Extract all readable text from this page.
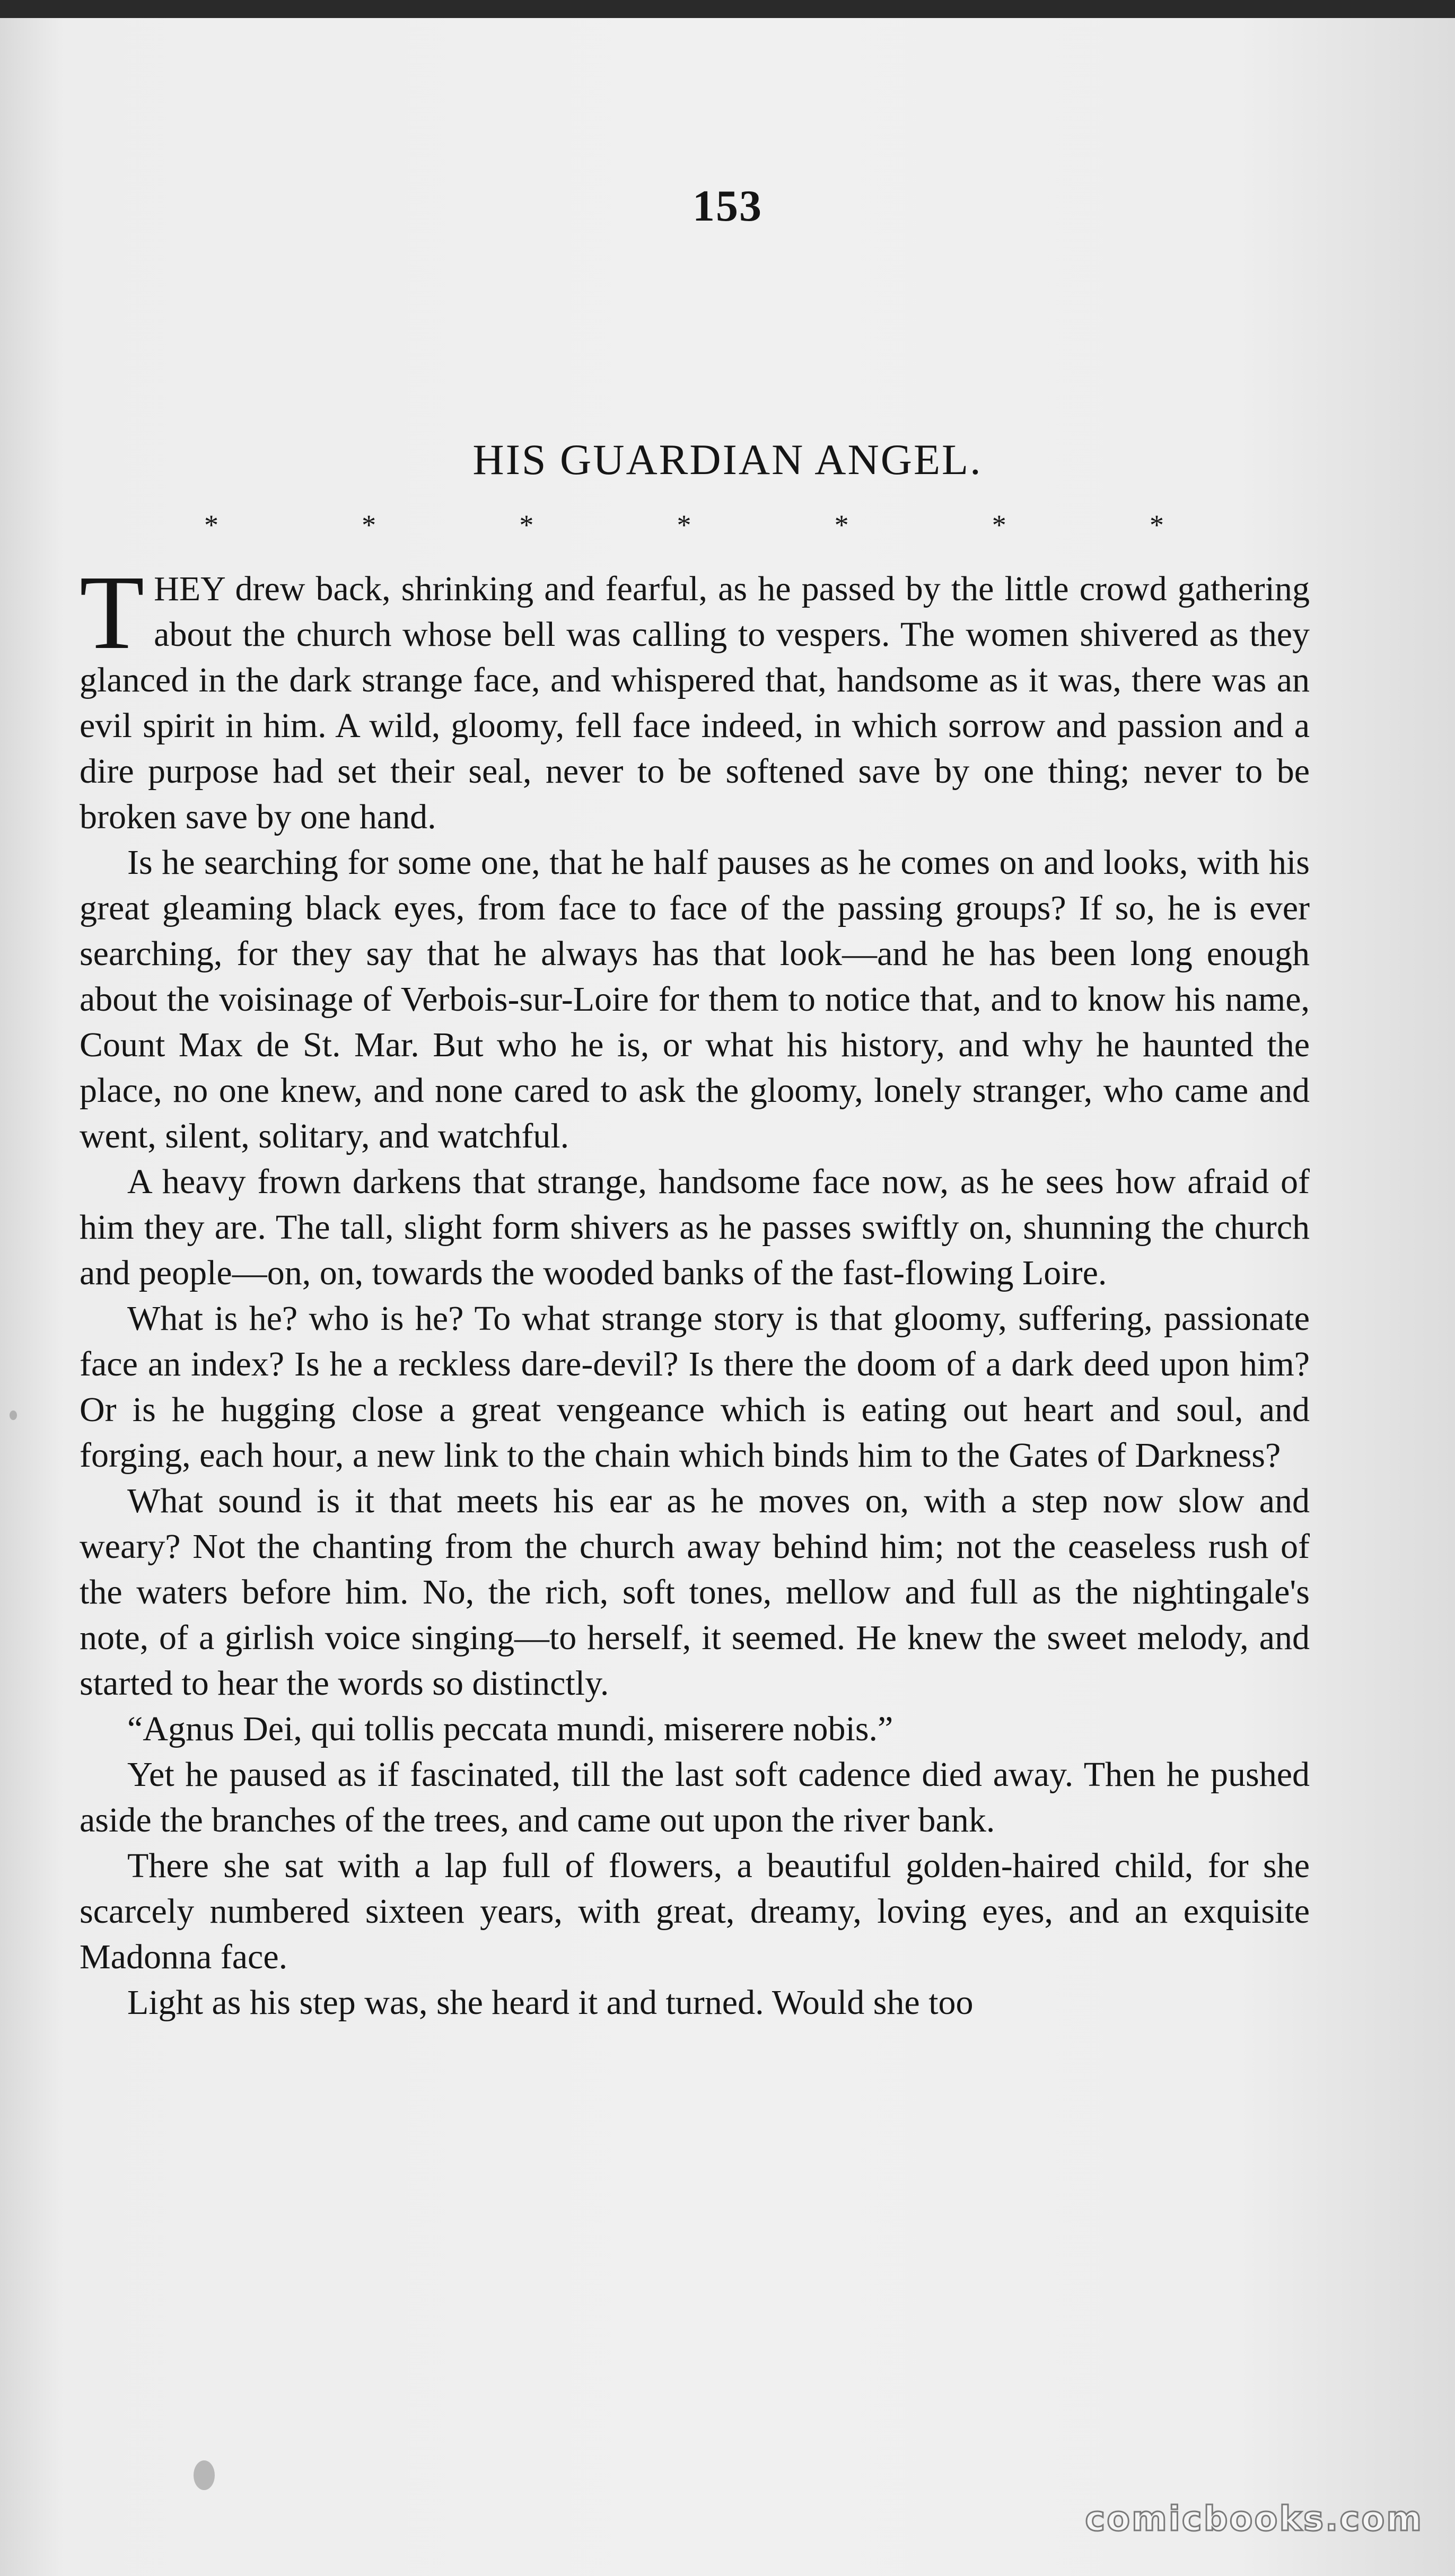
153
HIS GUARDIAN ANGEL.
*	*	*	*	*	*	*

THEY drew back, shrinking and fearful, as he passed by the little crowd gathering about the church whose bell was calling to vespers. The women shivered as they glanced in the dark strange face, and whispered that, handsome as it was, there was an evil spirit in him. A wild, gloomy, fell face indeed, in which sorrow and passion and a dire purpose had set their seal, never to be softened save by one thing; never to be broken save by one hand.

Is he searching for some one, that he half pauses as he comes on and looks, with his great gleaming black eyes, from face to face of the passing groups? If so, he is ever searching, for they say that he always has that look—and he has been long enough about the voisinage of Verbois-sur-Loire for them to notice that, and to know his name, Count Max de St. Mar. But who he is, or what his history, and why he haunted the place, no one knew, and none cared to ask the gloomy, lonely stranger, who came and went, silent, solitary, and watchful.

A heavy frown darkens that strange, handsome face now, as he sees how afraid of him they are. The tall, slight form shivers as he passes swiftly on, shunning the church and people—on, on, towards the wooded banks of the fast-flowing Loire.

What is he? who is he? To what strange story is that gloomy, suffering, passionate face an index? Is he a reckless dare-devil? Is there the doom of a dark deed upon him? Or is he hugging close a great vengeance which is eating out heart and soul, and forging, each hour, a new link to the chain which binds him to the Gates of Darkness?

What sound is it that meets his ear as he moves on, with a step now slow and weary? Not the chanting from the church away behind him; not the ceaseless rush of the waters before him. No, the rich, soft tones, mellow and full as the nightingale's note, of a girlish voice singing—to herself, it seemed. He knew the sweet melody, and started to hear the words so distinctly.

“Agnus Dei, qui tollis peccata mundi, miserere nobis.”

Yet he paused as if fascinated, till the last soft cadence died away. Then he pushed aside the branches of the trees, and came out upon the river bank.

There she sat with a lap full of flowers, a beautiful golden-haired child, for she scarcely numbered sixteen years, with great, dreamy, loving eyes, and an exquisite Madonna face.

Light as his step was, she heard it and turned. Would she too

comicbooks.com
